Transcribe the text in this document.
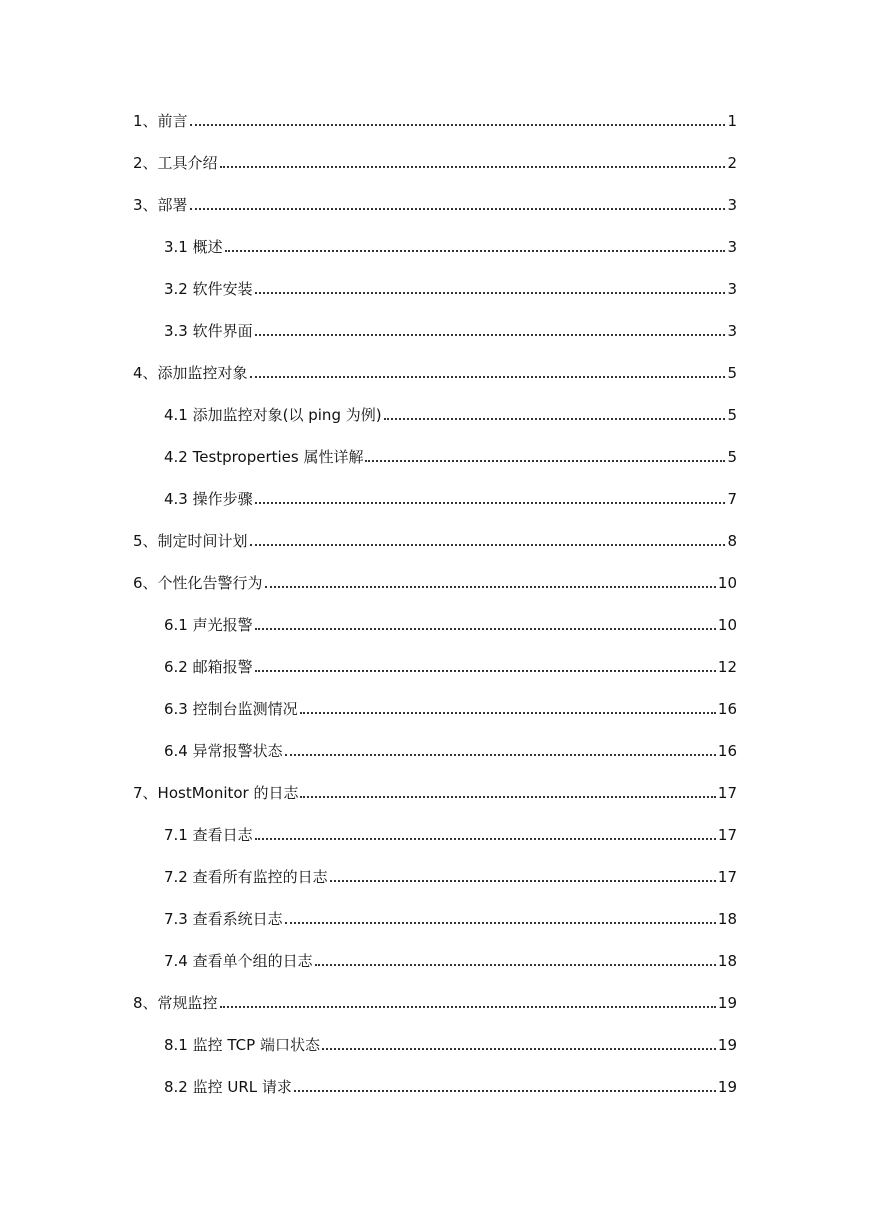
1、前言	1
2、工具介绍	2
3、部署	3
3.1 概述	3
3.2 软件安装	3
3.3 软件界面	3
4、添加监控对象	5
4.1 添加监控对象(以 ping 为例)	5
4.2 Testproperties 属性详解	5
4.3 操作步骤	7
5、制定时间计划	8
6、个性化告警行为	10
6.1 声光报警	10
6.2 邮箱报警	12
6.3 控制台监测情况	16
6.4 异常报警状态	16
7、HostMonitor 的日志	17
7.1 查看日志	17
7.2 查看所有监控的日志	17
7.3 查看系统日志	18
7.4 查看单个组的日志	18
8、常规监控	19
8.1 监控 TCP 端口状态	19
8.2 监控 URL 请求	19
